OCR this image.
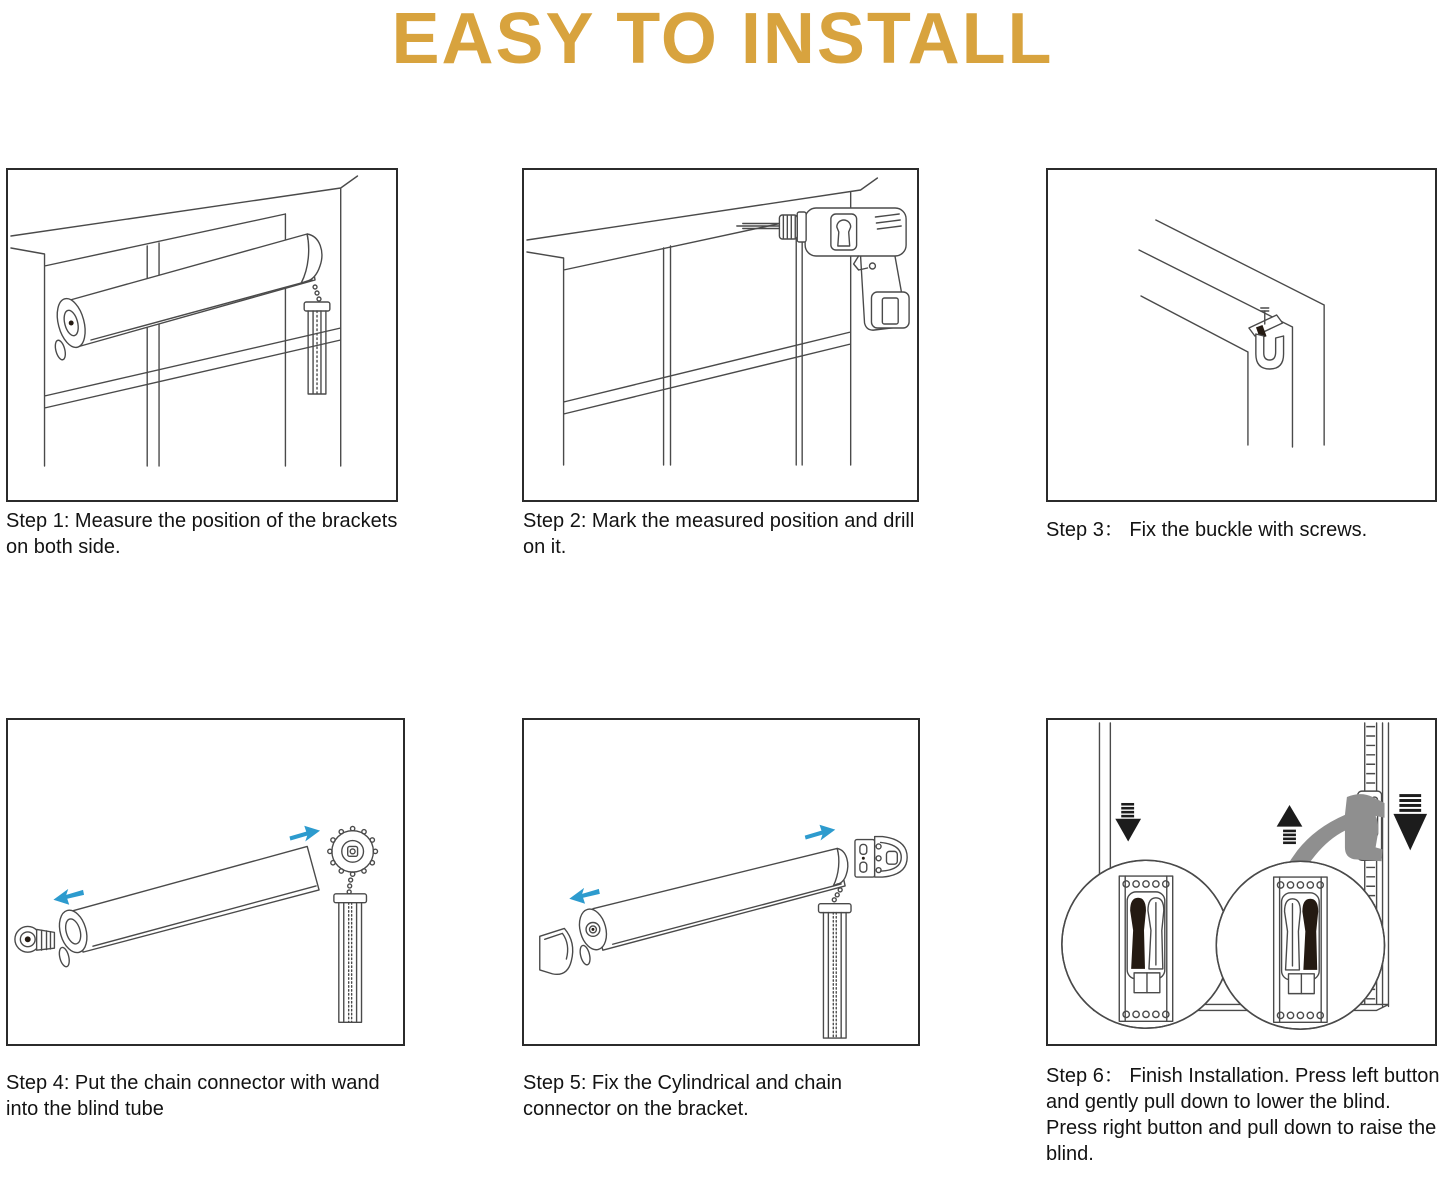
EASY TO INSTALL
Step 1: Measure the position of the brackets on both side.
Step 2: Mark the measured position and drill on it.
Step 3： Fix the buckle with screws.
Step 4: Put the chain connector with wand into the blind tube
Step 5: Fix the Cylindrical and chain connector on the bracket.
Step 6： Finish Installation. Press left button and gently pull down to lower the blind. Press right button and pull down to raise the blind.
